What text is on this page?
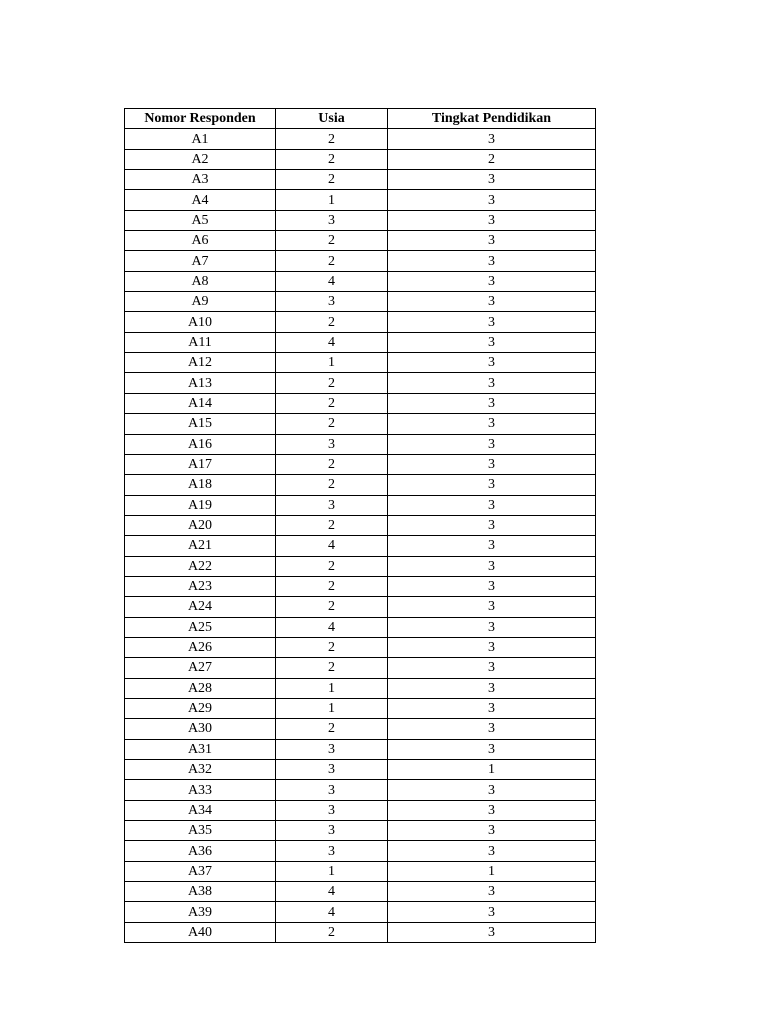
Nomor Responden	Usia	Tingkat Pendidikan
A1	2	3
A2	2	2
A3	2	3
A4	1	3
A5	3	3
A6	2	3
A7	2	3
A8	4	3
A9	3	3
A10	2	3
A11	4	3
A12	1	3
A13	2	3
A14	2	3
A15	2	3
A16	3	3
A17	2	3
A18	2	3
A19	3	3
A20	2	3
A21	4	3
A22	2	3
A23	2	3
A24	2	3
A25	4	3
A26	2	3
A27	2	3
A28	1	3
A29	1	3
A30	2	3
A31	3	3
A32	3	1
A33	3	3
A34	3	3
A35	3	3
A36	3	3
A37	1	1
A38	4	3
A39	4	3
A40	2	3
